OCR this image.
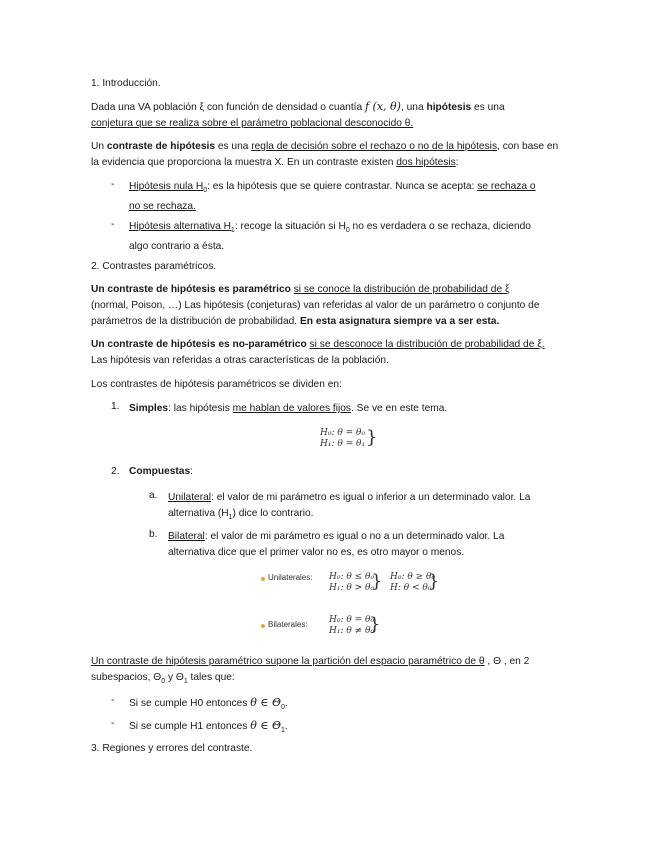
1. Introducción.
Dada una VA población ξ con función de densidad o cuantía f (x, θ), una hipótesis es una
conjetura que se realiza sobre el parámetro poblacional desconocido θ.
Un contraste de hipótesis es una regla de decisión sobre el rechazo o no de la hipótesis, con base en la evidencia que proporciona la muestra X. En un contraste existen dos hipótesis:
- Hipótesis nula $H_0$: es la hipótesis que se quiere contrastar. Nunca se acepta: se rechaza o
no se rechaza.
- Hipótesis alternativa $H_1$: recoge la situación si $H_0$ no es verdadera o se rechaza, diciendo
algo contrario a ésta.
2. Contrastes paramétricos.
Un contraste de hipótesis es paramétrico si se conoce la distribución de probabilidad de ξ
(normal, Poison, …) Las hipótesis (conjeturas) van referidas al valor de un parámetro o conjunto de
parámetros de la distribución de probabilidad. En esta asignatura siempre va a ser esta.
Un contraste de hipótesis es no-paramétrico si se desconoce la distribución de probabilidad de ξ.
Las hipótesis van referidas a otras características de la población.
Los contrastes de hipótesis paramétricos se dividen en:
1. Simples: las hipótesis me hablan de valores fijos. Se ve en este tema.
H₀: θ = θ₀
H₁: θ = θ₁ }
2. Compuestas:
a. Unilateral: el valor de mi parámetro es igual o inferior a un determinado valor. La
alternativa $(H_1)$ dice lo contrario.
b. Bilateral: el valor de mi parámetro es igual o no a un determinado valor. La
alternativa dice que el primer valor no es, es otro mayor o menos.
Unilaterales: H₀: θ ≤ θ₀
H₁: θ > θ₀
} H₀: θ ≥ θ₀
H: θ < θ₀
}
Bilaterales: H₀: θ = θ₀
H₁: θ ≠ θ₀
}
Un contraste de hipótesis paramétrico supone la partición del espacio paramétrico de θ , Θ , en 2
subespacios, $\Theta_0$ y $\Theta_1$ tales que:
- Si se cumple H0 entonces θ ∈ $\Theta_0$.
- Si se cumple H1 entonces θ ∈ $\Theta_1$.
3. Regiones y errores del contraste.
